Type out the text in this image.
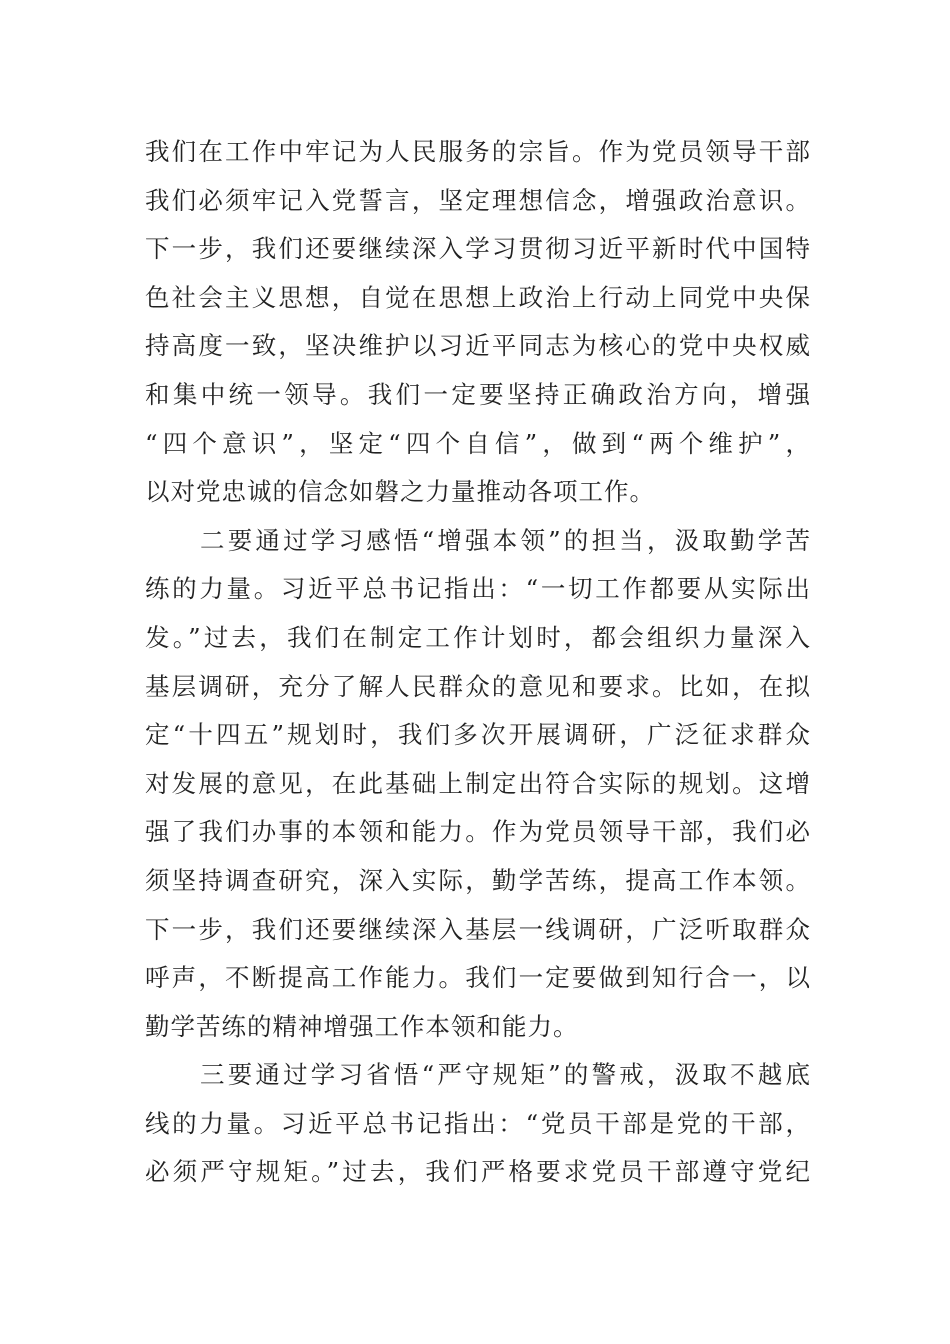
我们在工作中牢记为人民服务的宗旨。作为党员领导干部
我们必须牢记入党誓言，坚定理想信念，增强政治意识。
下一步，我们还要继续深入学习贯彻习近平新时代中国特
色社会主义思想，自觉在思想上政治上行动上同党中央保
持高度一致，坚决维护以习近平同志为核心的党中央权威
和集中统一领导。我们一定要坚持正确政治方向，增强
“四个意识”，坚定“四个自信”，做到“两个维护”，
以对党忠诚的信念如磐之力量推动各项工作。
二要通过学习感悟“增强本领”的担当，汲取勤学苦
练的力量。习近平总书记指出：“一切工作都要从实际出
发。”过去，我们在制定工作计划时，都会组织力量深入
基层调研，充分了解人民群众的意见和要求。比如，在拟
定“十四五”规划时，我们多次开展调研，广泛征求群众
对发展的意见，在此基础上制定出符合实际的规划。这增
强了我们办事的本领和能力。作为党员领导干部，我们必
须坚持调查研究，深入实际，勤学苦练，提高工作本领。
下一步，我们还要继续深入基层一线调研，广泛听取群众
呼声，不断提高工作能力。我们一定要做到知行合一，以
勤学苦练的精神增强工作本领和能力。
三要通过学习省悟“严守规矩”的警戒，汲取不越底
线的力量。习近平总书记指出：“党员干部是党的干部，
必须严守规矩。”过去，我们严格要求党员干部遵守党纪
